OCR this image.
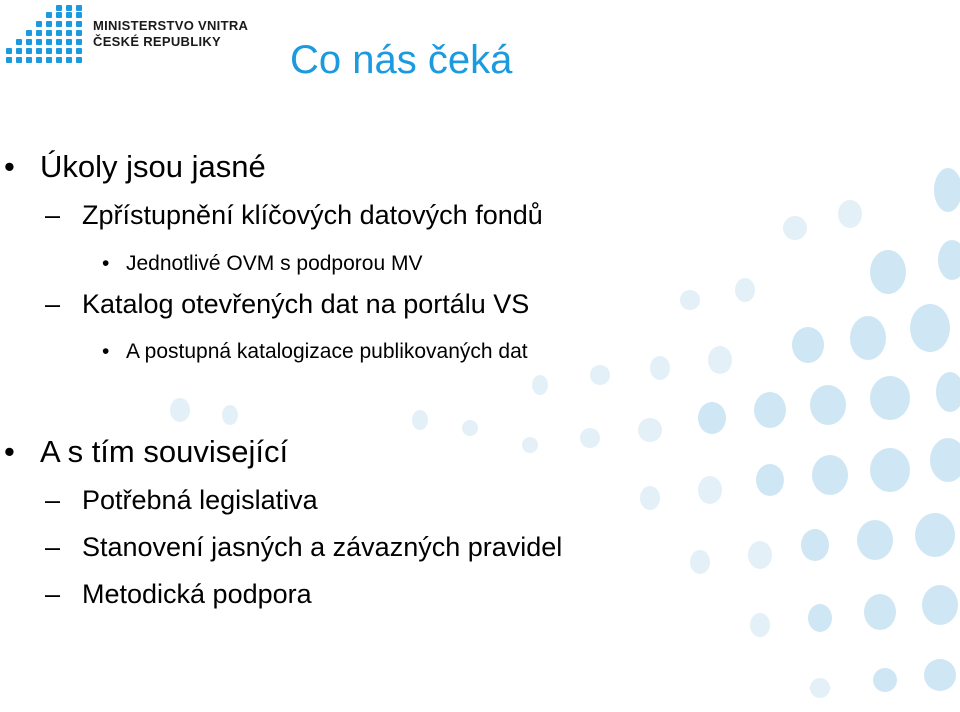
MINISTERSTVO VNITRA
ČESKÉ REPUBLIKY	Co nás čeká
• Úkoly jsou jasné
– Zpřístupnění klíčových datových fondů
• Jednotlivé OVM s podporou MV
– Katalog otevřených dat na portálu VS
• A postupná katalogizace publikovaných dat
• A s tím související
– Potřebná legislativa
– Stanovení jasných a závazných pravidel
– Metodická podpora
